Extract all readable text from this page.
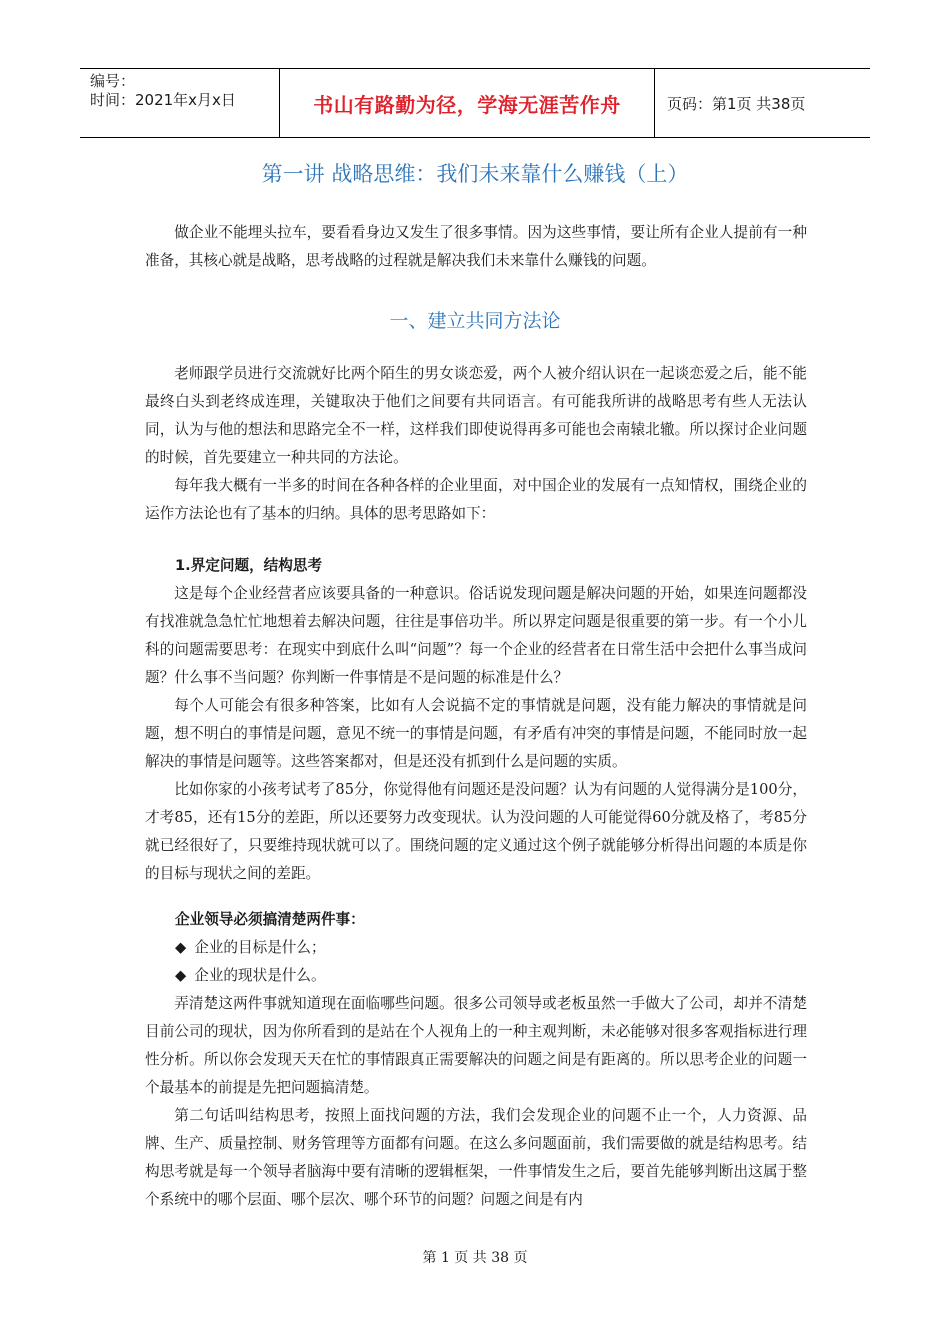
编号：
时间：2021年x月x日	书山有路勤为径，学海无涯苦作舟	页码：第1页 共38页
第一讲 战略思维：我们未来靠什么赚钱（上）

做企业不能埋头拉车，要看看身边又发生了很多事情。因为这些事情，要让所有企业人提前有一种准备，其核心就是战略，思考战略的过程就是解决我们未来靠什么赚钱的问题。

一、建立共同方法论

老师跟学员进行交流就好比两个陌生的男女谈恋爱，两个人被介绍认识在一起谈恋爱之后，能不能最终白头到老终成连理，关键取决于他们之间要有共同语言。有可能我所讲的战略思考有些人无法认同，认为与他的想法和思路完全不一样，这样我们即使说得再多可能也会南辕北辙。所以探讨企业问题的时候，首先要建立一种共同的方法论。

每年我大概有一半多的时间在各种各样的企业里面，对中国企业的发展有一点知情权，围绕企业的运作方法论也有了基本的归纳。具体的思考思路如下：

1.界定问题，结构思考

这是每个企业经营者应该要具备的一种意识。俗话说发现问题是解决问题的开始，如果连问题都没有找准就急急忙忙地想着去解决问题，往往是事倍功半。所以界定问题是很重要的第一步。有一个小儿科的问题需要思考：在现实中到底什么叫“问题”？每一个企业的经营者在日常生活中会把什么事当成问题？什么事不当问题？你判断一件事情是不是问题的标准是什么？

每个人可能会有很多种答案，比如有人会说搞不定的事情就是问题，没有能力解决的事情就是问题，想不明白的事情是问题，意见不统一的事情是问题，有矛盾有冲突的事情是问题，不能同时放一起解决的事情是问题等。这些答案都对，但是还没有抓到什么是问题的实质。

比如你家的小孩考试考了85分，你觉得他有问题还是没问题？认为有问题的人觉得满分是100分，才考85，还有15分的差距，所以还要努力改变现状。认为没问题的人可能觉得60分就及格了，考85分就已经很好了，只要维持现状就可以了。围绕问题的定义通过这个例子就能够分析得出问题的本质是你的目标与现状之间的差距。

企业领导必须搞清楚两件事：

◆ 企业的目标是什么；

◆ 企业的现状是什么。

弄清楚这两件事就知道现在面临哪些问题。很多公司领导或老板虽然一手做大了公司，却并不清楚目前公司的现状，因为你所看到的是站在个人视角上的一种主观判断，未必能够对很多客观指标进行理性分析。所以你会发现天天在忙的事情跟真正需要解决的问题之间是有距离的。所以思考企业的问题一个最基本的前提是先把问题搞清楚。

第二句话叫结构思考，按照上面找问题的方法，我们会发现企业的问题不止一个，人力资源、品牌、生产、质量控制、财务管理等方面都有问题。在这么多问题面前，我们需要做的就是结构思考。结构思考就是每一个领导者脑海中要有清晰的逻辑框架，一件事情发生之后，要首先能够判断出这属于整个系统中的哪个层面、哪个层次、哪个环节的问题？问题之间是有内

第 1 页 共 38 页
